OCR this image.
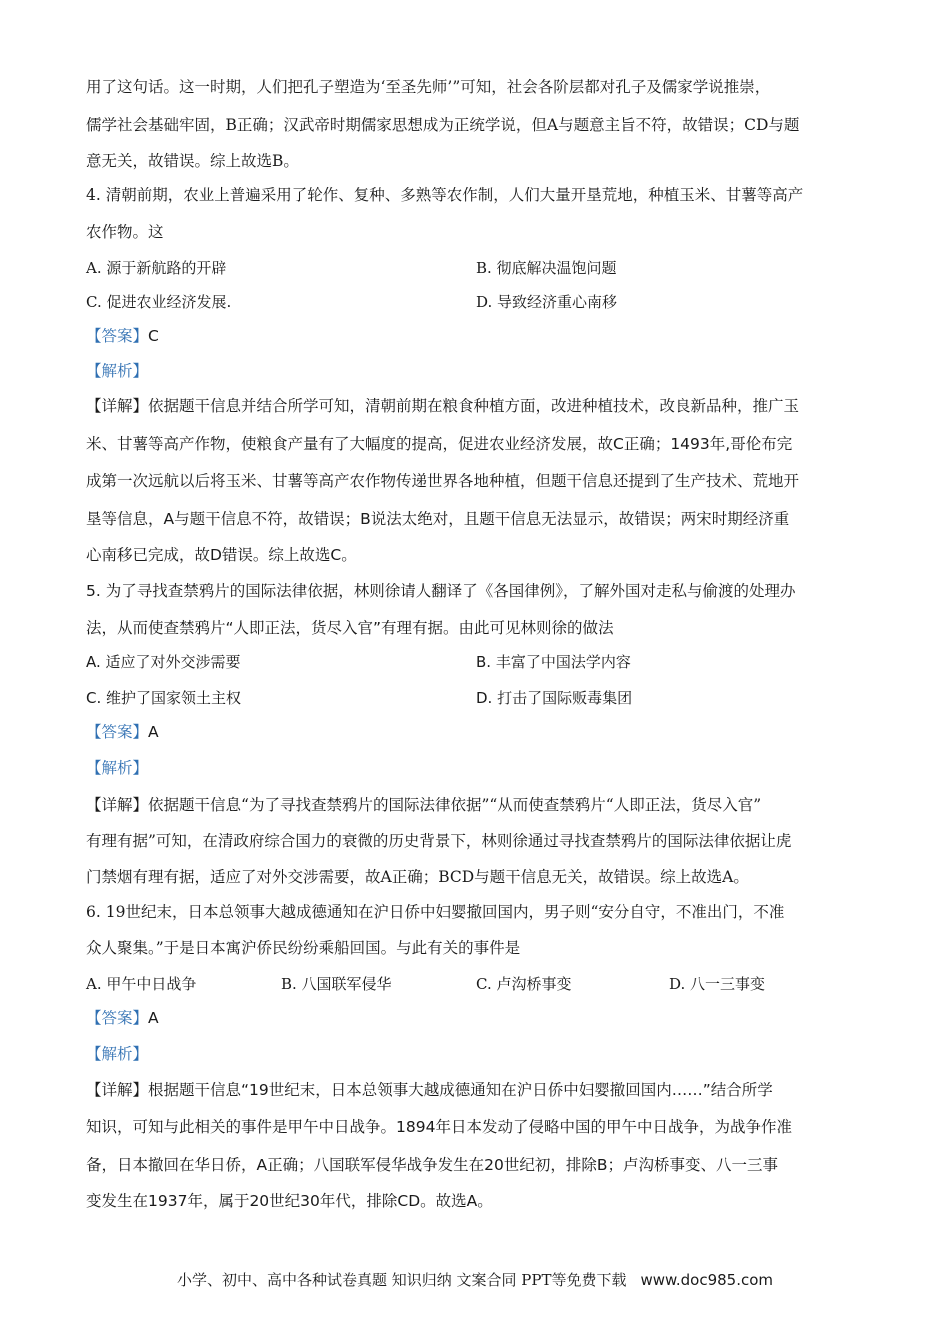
用了这句话。这一时期，人们把孔子塑造为‘至圣先师’”可知，社会各阶层都对孔子及儒家学说推崇，
儒学社会基础牢固，B正确；汉武帝时期儒家思想成为正统学说，但A与题意主旨不符，故错误；CD与题
意无关，故错误。综上故选B。
4. 清朝前期，农业上普遍采用了轮作、复种、多熟等农作制，人们大量开垦荒地，种植玉米、甘薯等高产
农作物。这
A. 源于新航路的开辟	B. 彻底解决温饱问题
C. 促进农业经济发展.	D. 导致经济重心南移
【答案】C
【解析】
【详解】依据题干信息并结合所学可知，清朝前期在粮食种植方面，改进种植技术，改良新品种，推广玉
米、甘薯等高产作物，使粮食产量有了大幅度的提高，促进农业经济发展，故C正确；1493年,哥伦布完
成第一次远航以后将玉米、甘薯等高产农作物传递世界各地种植，但题干信息还提到了生产技术、荒地开
垦等信息，A与题干信息不符，故错误；B说法太绝对，且题干信息无法显示，故错误；两宋时期经济重
心南移已完成，故D错误。综上故选C。
5. 为了寻找查禁鸦片的国际法律依据，林则徐请人翻译了《各国律例》，了解外国对走私与偷渡的处理办
法，从而使查禁鸦片“人即正法，货尽入官”有理有据。由此可见林则徐的做法
A. 适应了对外交涉需要	B. 丰富了中国法学内容
C. 维护了国家领土主权	D. 打击了国际贩毒集团
【答案】A
【解析】
【详解】依据题干信息“为了寻找查禁鸦片的国际法律依据”“从而使查禁鸦片“人即正法，货尽入官”
有理有据”可知，在清政府综合国力的衰微的历史背景下，林则徐通过寻找查禁鸦片的国际法律依据让虎
门禁烟有理有据，适应了对外交涉需要，故A正确；BCD与题干信息无关，故错误。综上故选A。
6. 19世纪末，日本总领事大越成德通知在沪日侨中妇婴撤回国内，男子则“安分自守，不准出门，不准
众人聚集。”于是日本寓沪侨民纷纷乘船回国。与此有关的事件是
A. 甲午中日战争	B. 八国联军侵华	C. 卢沟桥事变	D. 八一三事变
【答案】A
【解析】
【详解】根据题干信息“19世纪末，日本总领事大越成德通知在沪日侨中妇婴撤回国内……”结合所学
知识，可知与此相关的事件是甲午中日战争。1894年日本发动了侵略中国的甲午中日战争，为战争作准
备，日本撤回在华日侨，A正确；八国联军侵华战争发生在20世纪初，排除B；卢沟桥事变、八一三事
变发生在1937年，属于20世纪30年代，排除CD。故选A。
小学、初中、高中各种试卷真题 知识归纳 文案合同 PPT等免费下载 www.doc985.com
